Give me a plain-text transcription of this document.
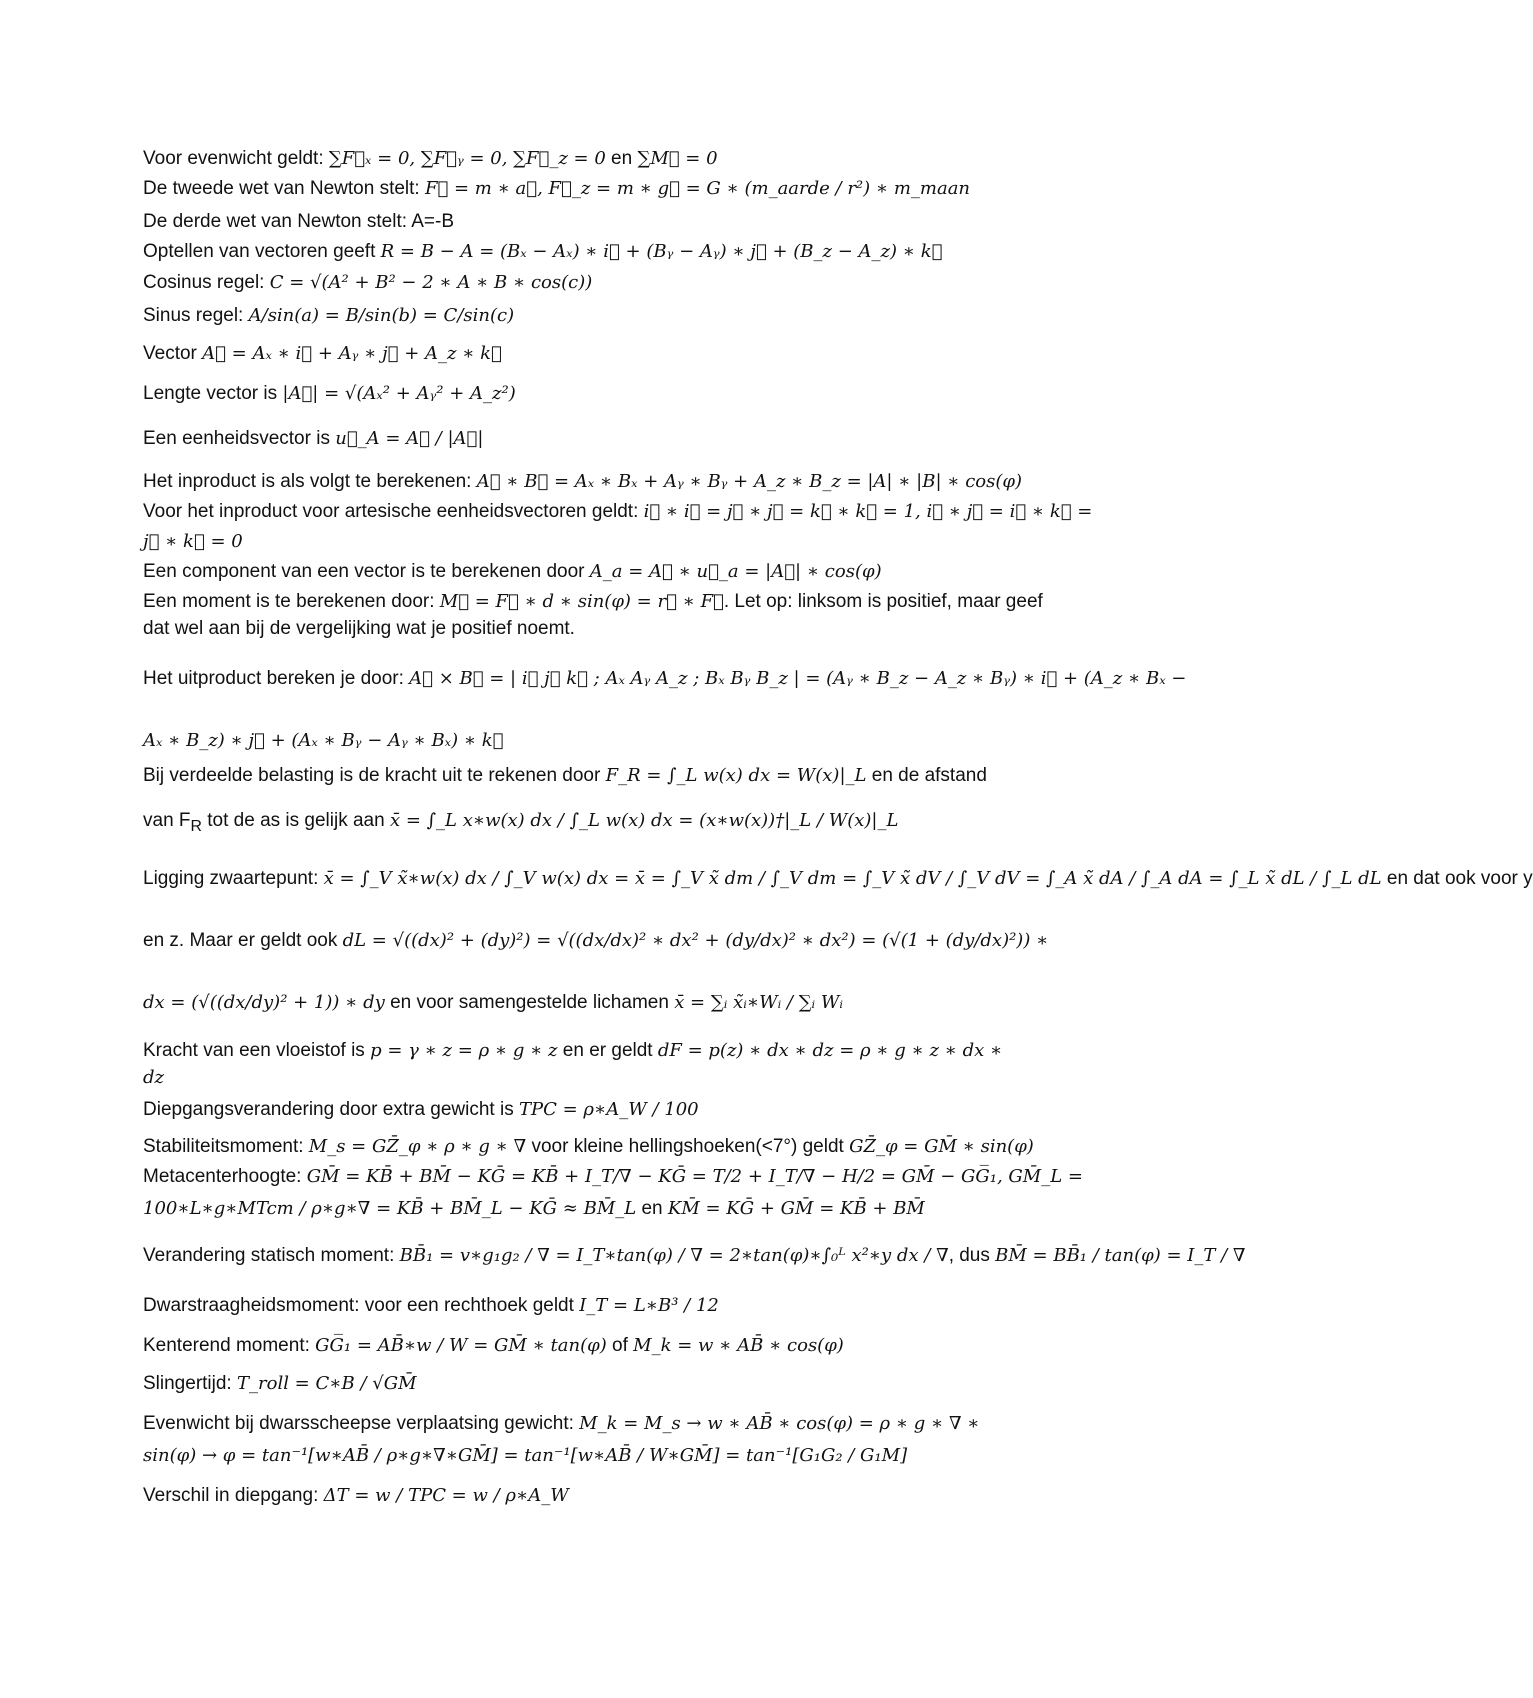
Voor evenwicht geldt: ∑F⃗ₓ = 0, ∑F⃗ᵧ = 0, ∑F⃗_z = 0 en ∑M⃗ = 0
De tweede wet van Newton stelt: F⃗ = m ∗ a⃗, F⃗_z = m ∗ g⃗ = G ∗ (m_aarde / r²) ∗ m_maan
De derde wet van Newton stelt: A=-B
Optellen van vectoren geeft R = B − A = (Bₓ − Aₓ) ∗ i⃗ + (Bᵧ − Aᵧ) ∗ j⃗ + (B_z − A_z) ∗ k⃗
Cosinus regel: C = √(A² + B² − 2 ∗ A ∗ B ∗ cos(c))
Sinus regel: A/sin(a) = B/sin(b) = C/sin(c)
Vector A⃗ = Aₓ ∗ i⃗ + Aᵧ ∗ j⃗ + A_z ∗ k⃗
Lengte vector is |A⃗| = √(Aₓ² + Aᵧ² + A_z²)
Een eenheidsvector is u⃗_A = A⃗ / |A⃗|
Het inproduct is als volgt te berekenen: A⃗ ∗ B⃗ = Aₓ ∗ Bₓ + Aᵧ ∗ Bᵧ + A_z ∗ B_z = |A| ∗ |B| ∗ cos(φ)
Voor het inproduct voor artesische eenheidsvectoren geldt: i⃗ ∗ i⃗ = j⃗ ∗ j⃗ = k⃗ ∗ k⃗ = 1, i⃗ ∗ j⃗ = i⃗ ∗ k⃗ =
j⃗ ∗ k⃗ = 0
Een component van een vector is te berekenen door A_a = A⃗ ∗ u⃗_a = |A⃗| ∗ cos(φ)
Een moment is te berekenen door: M⃗ = F⃗ ∗ d ∗ sin(φ) = r⃗ ∗ F⃗. Let op: linksom is positief, maar geef
dat wel aan bij de vergelijking wat je positief noemt.
Het uitproduct bereken je door: A⃗ × B⃗ = | i⃗ j⃗ k⃗ ; Aₓ Aᵧ A_z ; Bₓ Bᵧ B_z | = (Aᵧ ∗ B_z − A_z ∗ Bᵧ) ∗ i⃗ + (A_z ∗ Bₓ −
Aₓ ∗ B_z) ∗ j⃗ + (Aₓ ∗ Bᵧ − Aᵧ ∗ Bₓ) ∗ k⃗
Bij verdeelde belasting is de kracht uit te rekenen door F_R = ∫_L w(x) dx = W(x)|_L en de afstand
van $F_R$ tot de as is gelijk aan x̄ = ∫_L x∗w(x) dx / ∫_L w(x) dx = (x∗w(x))†|_L / W(x)|_L
Ligging zwaartepunt: x̄ = ∫_V x̃∗w(x) dx / ∫_V w(x) dx = x̄ = ∫_V x̃ dm / ∫_V dm = ∫_V x̃ dV / ∫_V dV = ∫_A x̃ dA / ∫_A dA = ∫_L x̃ dL / ∫_L dL en dat ook voor y
en z. Maar er geldt ook dL = √((dx)² + (dy)²) = √((dx/dx)² ∗ dx² + (dy/dx)² ∗ dx²) = (√(1 + (dy/dx)²)) ∗
dx = (√((dx/dy)² + 1)) ∗ dy en voor samengestelde lichamen x̄ = ∑ᵢ x̃ᵢ∗Wᵢ / ∑ᵢ Wᵢ
Kracht van een vloeistof is p = γ ∗ z = ρ ∗ g ∗ z en er geldt dF = p(z) ∗ dx ∗ dz = ρ ∗ g ∗ z ∗ dx ∗
dz
Diepgangsverandering door extra gewicht is TPC = ρ∗A_W / 100
Stabiliteitsmoment: M_s = GZ̄_φ ∗ ρ ∗ g ∗ ∇ voor kleine hellingshoeken(<7°) geldt GZ̄_φ = GM̄ ∗ sin(φ)
Metacenterhoogte: GM̄ = KB̄ + BM̄ − KḠ = KB̄ + I_T/∇ − KḠ = T/2 + I_T/∇ − H/2 = GM̄ − GG̅₁, GM̄_L =
100∗L∗g∗MTcm / ρ∗g∗∇ = KB̄ + BM̄_L − KḠ ≈ BM̄_L en KM̄ = KḠ + GM̄ = KB̄ + BM̄
Verandering statisch moment: BB̄₁ = v∗g₁g₂ / ∇ = I_T∗tan(φ) / ∇ = 2∗tan(φ)∗∫₀ᴸ x²∗y dx / ∇, dus BM̄ = BB̄₁ / tan(φ) = I_T / ∇
Dwarstraagheidsmoment: voor een rechthoek geldt I_T = L∗B³ / 12
Kenterend moment: GG̅₁ = AB̄∗w / W = GM̄ ∗ tan(φ) of M_k = w ∗ AB̄ ∗ cos(φ)
Slingertijd: T_roll = C∗B / √GM̄
Evenwicht bij dwarsscheepse verplaatsing gewicht: M_k = M_s → w ∗ AB̄ ∗ cos(φ) = ρ ∗ g ∗ ∇ ∗
sin(φ) → φ = tan⁻¹[w∗AB̄ / ρ∗g∗∇∗GM̄] = tan⁻¹[w∗AB̄ / W∗GM̄] = tan⁻¹[G₁G₂ / G₁M]
Verschil in diepgang: ΔT = w / TPC = w / ρ∗A_W
